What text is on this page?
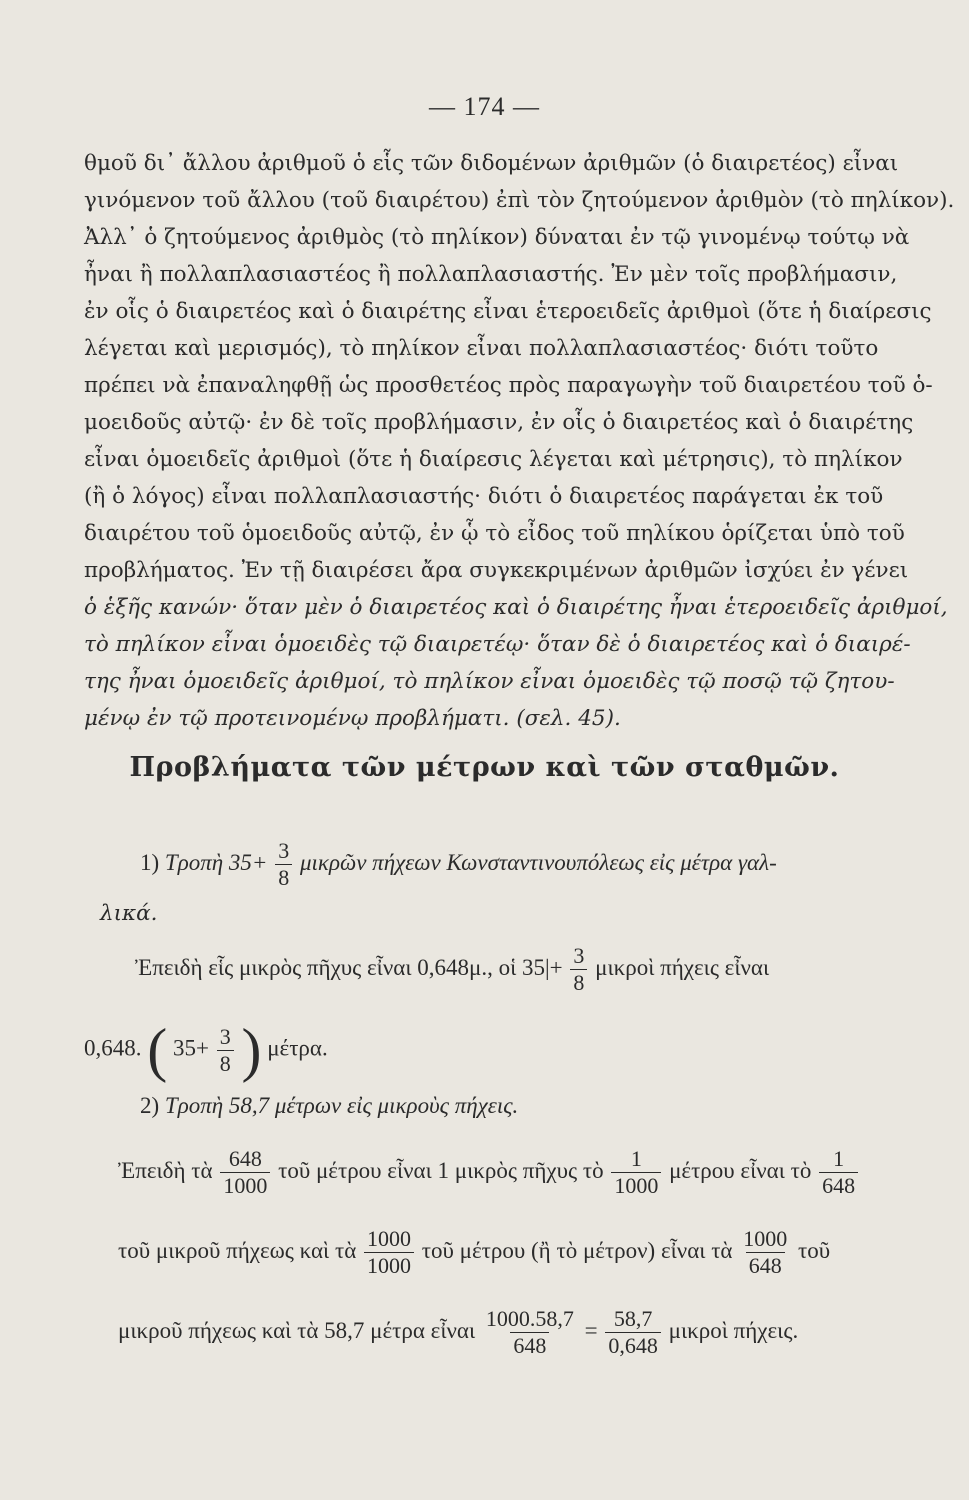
— 174 —
θμοῦ δι᾿ ἄλλου ἀριθμοῦ ὁ εἷς τῶν διδομένων ἀριθμῶν (ὁ διαιρετέος) εἶναι
γινόμενον τοῦ ἄλλου (τοῦ διαιρέτου) ἐπὶ τὸν ζητούμενον ἀριθμὸν (τὸ πηλίκον).
Ἀλλ᾿ ὁ ζητούμενος ἀριθμὸς (τὸ πηλίκον) δύναται ἐν τῷ γινομένῳ τούτῳ νὰ
ἦναι ἢ πολλαπλασιαστέος ἢ πολλαπλασιαστής. Ἐν μὲν τοῖς προβλήμασιν,
ἐν οἷς ὁ διαιρετέος καὶ ὁ διαιρέτης εἶναι ἑτεροειδεῖς ἀριθμοὶ (ὅτε ἡ διαίρεσις
λέγεται καὶ μερισμός), τὸ πηλίκον εἶναι πολλαπλασιαστέος· διότι τοῦτο
πρέπει νὰ ἐπαναληφθῇ ὡς προσθετέος πρὸς παραγωγὴν τοῦ διαιρετέου τοῦ ὁ-
μοειδοῦς αὐτῷ· ἐν δὲ τοῖς προβλήμασιν, ἐν οἷς ὁ διαιρετέος καὶ ὁ διαιρέτης
εἶναι ὁμοειδεῖς ἀριθμοὶ (ὅτε ἡ διαίρεσις λέγεται καὶ μέτρησις), τὸ πηλίκον
(ἢ ὁ λόγος) εἶναι πολλαπλασιαστής· διότι ὁ διαιρετέος παράγεται ἐκ τοῦ
διαιρέτου τοῦ ὁμοειδοῦς αὐτῷ, ἐν ᾧ τὸ εἶδος τοῦ πηλίκου ὁρίζεται ὑπὸ τοῦ
προβλήματος. Ἐν τῇ διαιρέσει ἄρα συγκεκριμένων ἀριθμῶν ἰσχύει ἐν γένει
ὁ ἑξῆς κανών· ὅταν μὲν ὁ διαιρετέος καὶ ὁ διαιρέτης ἦναι ἑτεροειδεῖς ἀριθμοί,
τὸ πηλίκον εἶναι ὁμοειδὲς τῷ διαιρετέῳ· ὅταν δὲ ὁ διαιρετέος καὶ ὁ διαιρέ-
της ἦναι ὁμοειδεῖς ἀριθμοί, τὸ πηλίκον εἶναι ὁμοειδὲς τῷ ποσῷ τῷ ζητου-
μένῳ ἐν τῷ προτεινομένῳ προβλήματι. (σελ. 45).
Προβλήματα τῶν μέτρων καὶ τῶν σταθμῶν.
1) Τροπὴ $35+ \frac{3}{8}$ μικρῶν πήχεων Κωνσταντινουπόλεως εἰς μέτρα γαλ-
λικά.
Ἐπειδὴ εἷς μικρὸς πῆχυς εἶναι 0,648μ., οἱ $35|+ \frac{3}{8}$ μικροὶ πήχεις εἶναι
0,648. ( $35+ \frac{3}{8}$ ) μέτρα.
2) Τροπὴ 58,7 μέτρων εἰς μικροὺς πήχεις.
Ἐπειδὴ τὰ $\frac{648}{1000}$ τοῦ μέτρου εἶναι 1 μικρὸς πῆχυς τὸ $\frac{1}{1000}$ μέτρου εἶναι τὸ $\frac{1}{648}$
τοῦ μικροῦ πήχεως καὶ τὰ $\frac{1000}{1000}$ τοῦ μέτρου (ἢ τὸ μέτρον) εἶναι τὰ $\frac{1000}{648}$ τοῦ
μικροῦ πήχεως καὶ τὰ 58,7 μέτρα εἶναι $\frac{1000.58,7}{648} = \frac{58,7}{0,648}$ μικροὶ πήχεις.
